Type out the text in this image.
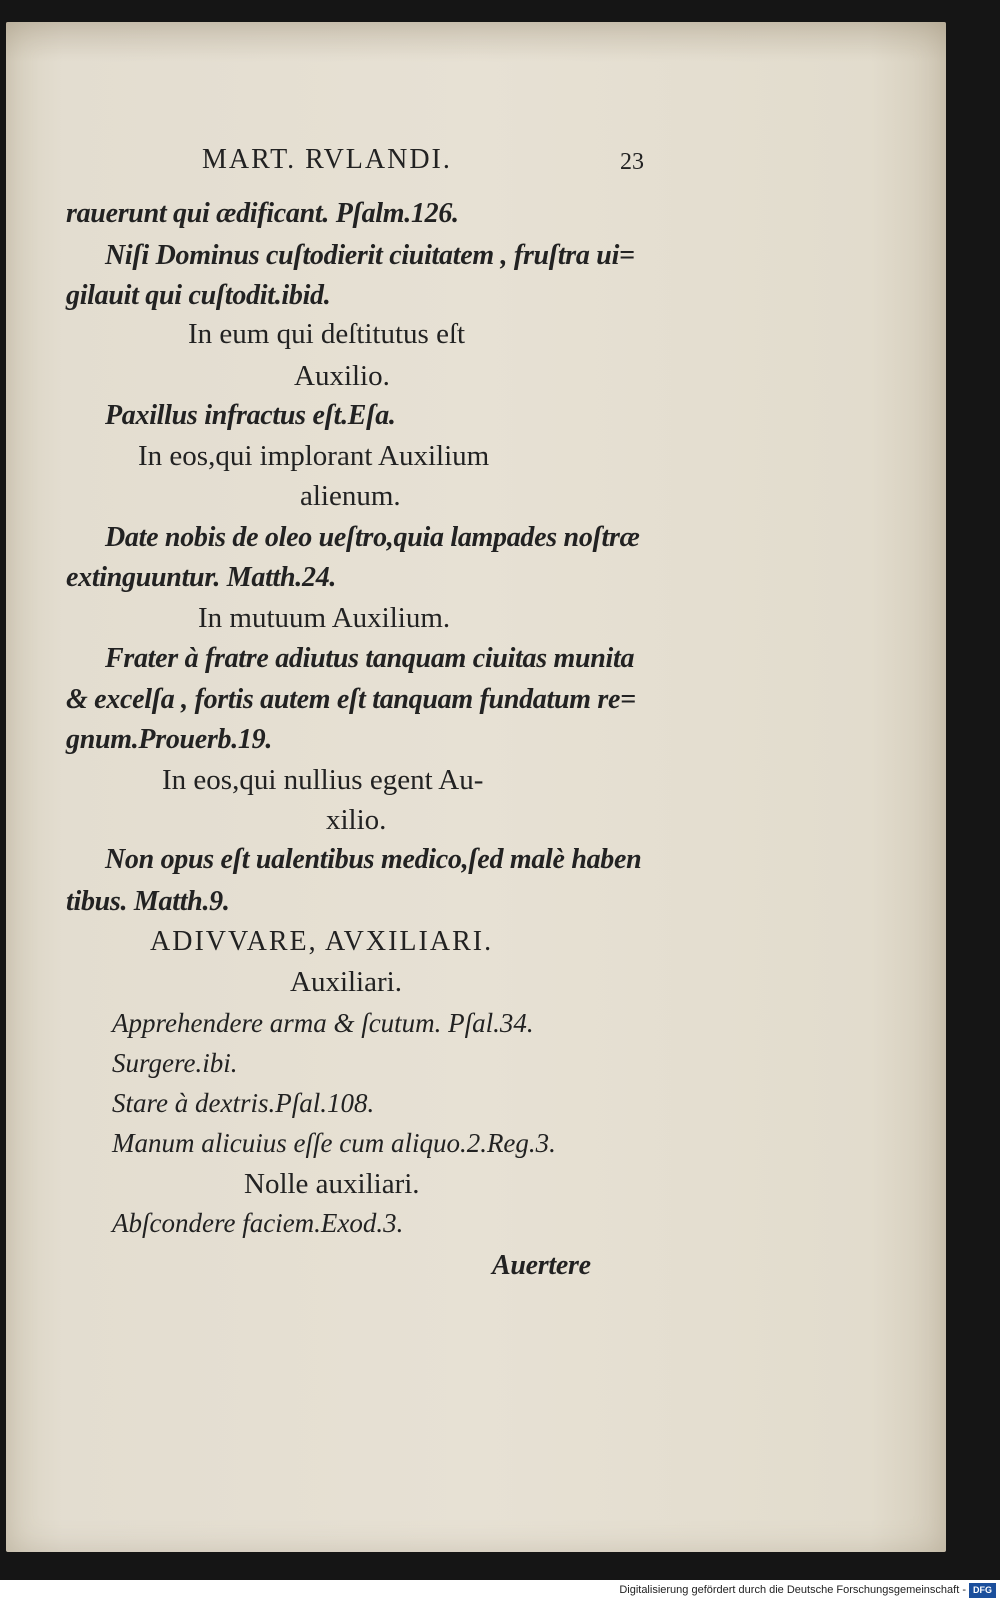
MART. RVLANDI.	23
rauerunt qui ædificant. Pſalm.126.
Niſi Dominus cuſtodierit ciuitatem , fruſtra ui=
gilauit qui cuſtodit.ibid.
In eum qui deſtitutus eſt
Auxilio.
Paxillus infractus eſt.Eſa.
In eos,qui implorant Auxilium
alienum.
Date nobis de oleo ueſtro,quia lampades noſtræ
extinguuntur. Matth.24.
In mutuum Auxilium.
Frater à fratre adiutus tanquam ciuitas munita
& excelſa , fortis autem eſt tanquam fundatum re=
gnum.Prouerb.19.
In eos,qui nullius egent Au-
xilio.
Non opus eſt ualentibus medico,ſed malè haben
tibus. Matth.9.
ADIVVARE, AVXILIARI.
Auxiliari.
Apprehendere arma & ſcutum. Pſal.34.
Surgere.ibi.
Stare à dextris.Pſal.108.
Manum alicuius eſſe cum aliquo.2.Reg.3.
Nolle auxiliari.
Abſcondere faciem.Exod.3.
Auertere
Digitalisierung gefördert durch die Deutsche Forschungsgemeinschaft - DFG
